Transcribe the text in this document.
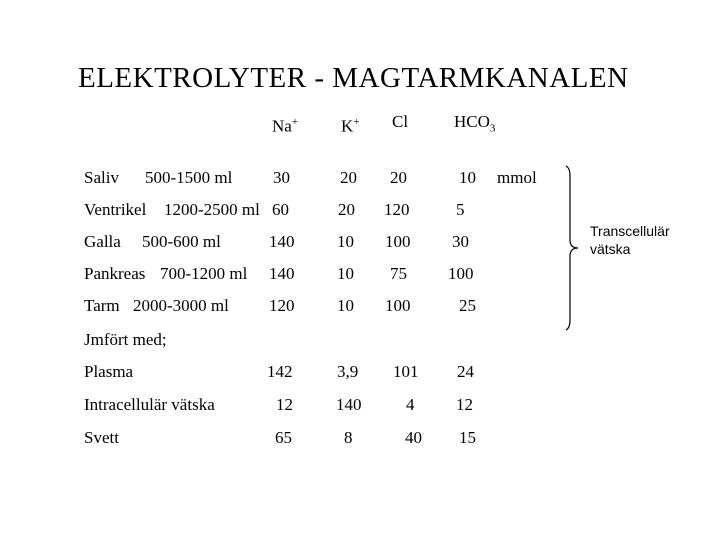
ELEKTROLYTER - MAGTARMKANALEN
Na+	K+ Cl	$HCO_3$
Saliv 500-1500 ml 30	20 20	10 mmol
Ventrikel 1200-2500 ml 60	20 120	5
Galla 500-600 ml	140	10 100 30
Pankreas 700-1200 ml 140	10 75 100
Tarm 2000-3000 ml 120	10 100	25
Transcellulär
vätska
Jmfört med;
Plasma	142	3,9 101 24
Intracellulär vätska	12	140	4 12
Svett	65	8	40 15
